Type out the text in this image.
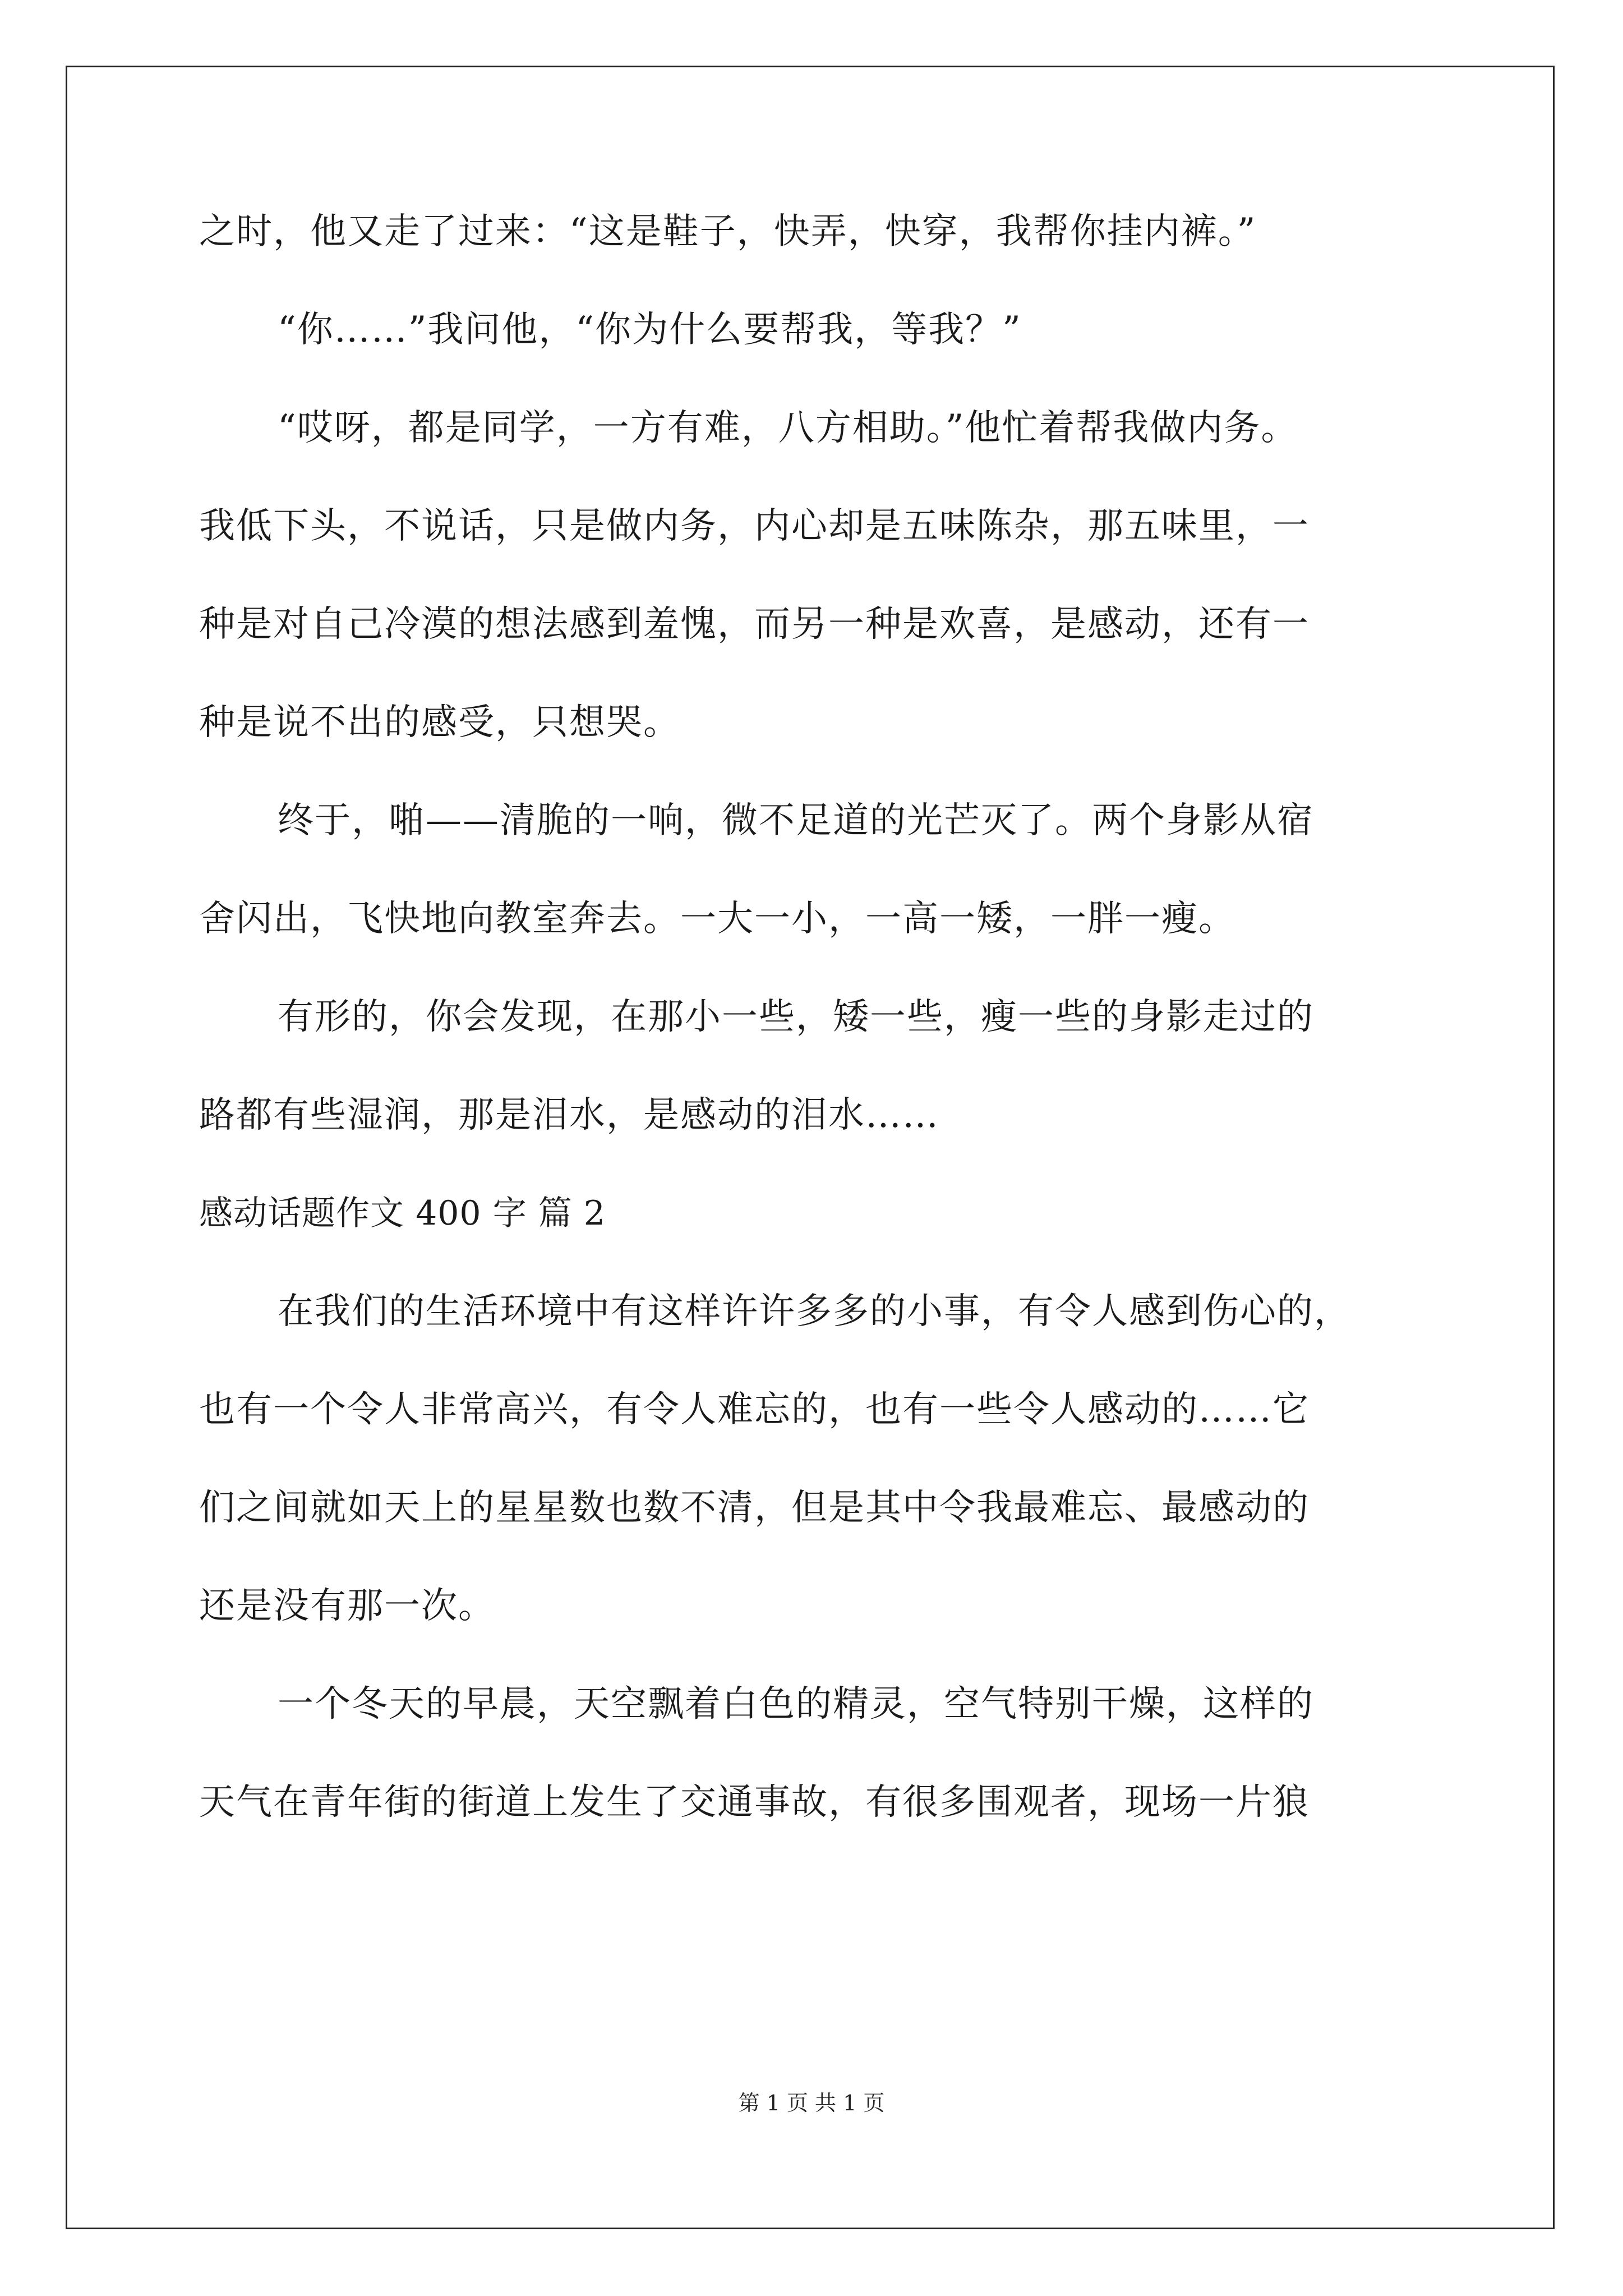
之时，他又走了过来：“这是鞋子，快弄，快穿，我帮你挂内裤。”
“你……”我问他，“你为什么要帮我，等我？”
“哎呀，都是同学，一方有难，八方相助。”他忙着帮我做内务。
我低下头，不说话，只是做内务，内心却是五味陈杂，那五味里，一
种是对自己冷漠的想法感到羞愧，而另一种是欢喜，是感动，还有一
种是说不出的感受，只想哭。
终于，啪——清脆的一响，微不足道的光芒灭了。两个身影从宿
舍闪出，飞快地向教室奔去。一大一小，一高一矮，一胖一瘦。
有形的，你会发现，在那小一些，矮一些，瘦一些的身影走过的
路都有些湿润，那是泪水，是感动的泪水……
感动话题作文 400 字 篇 2
在我们的生活环境中有这样许许多多的小事，有令人感到伤心的，
也有一个令人非常高兴，有令人难忘的，也有一些令人感动的……它
们之间就如天上的星星数也数不清，但是其中令我最难忘、最感动的
还是没有那一次。
一个冬天的早晨，天空飘着白色的精灵，空气特别干燥，这样的
天气在青年街的街道上发生了交通事故，有很多围观者，现场一片狼
第 1 页 共 1 页
